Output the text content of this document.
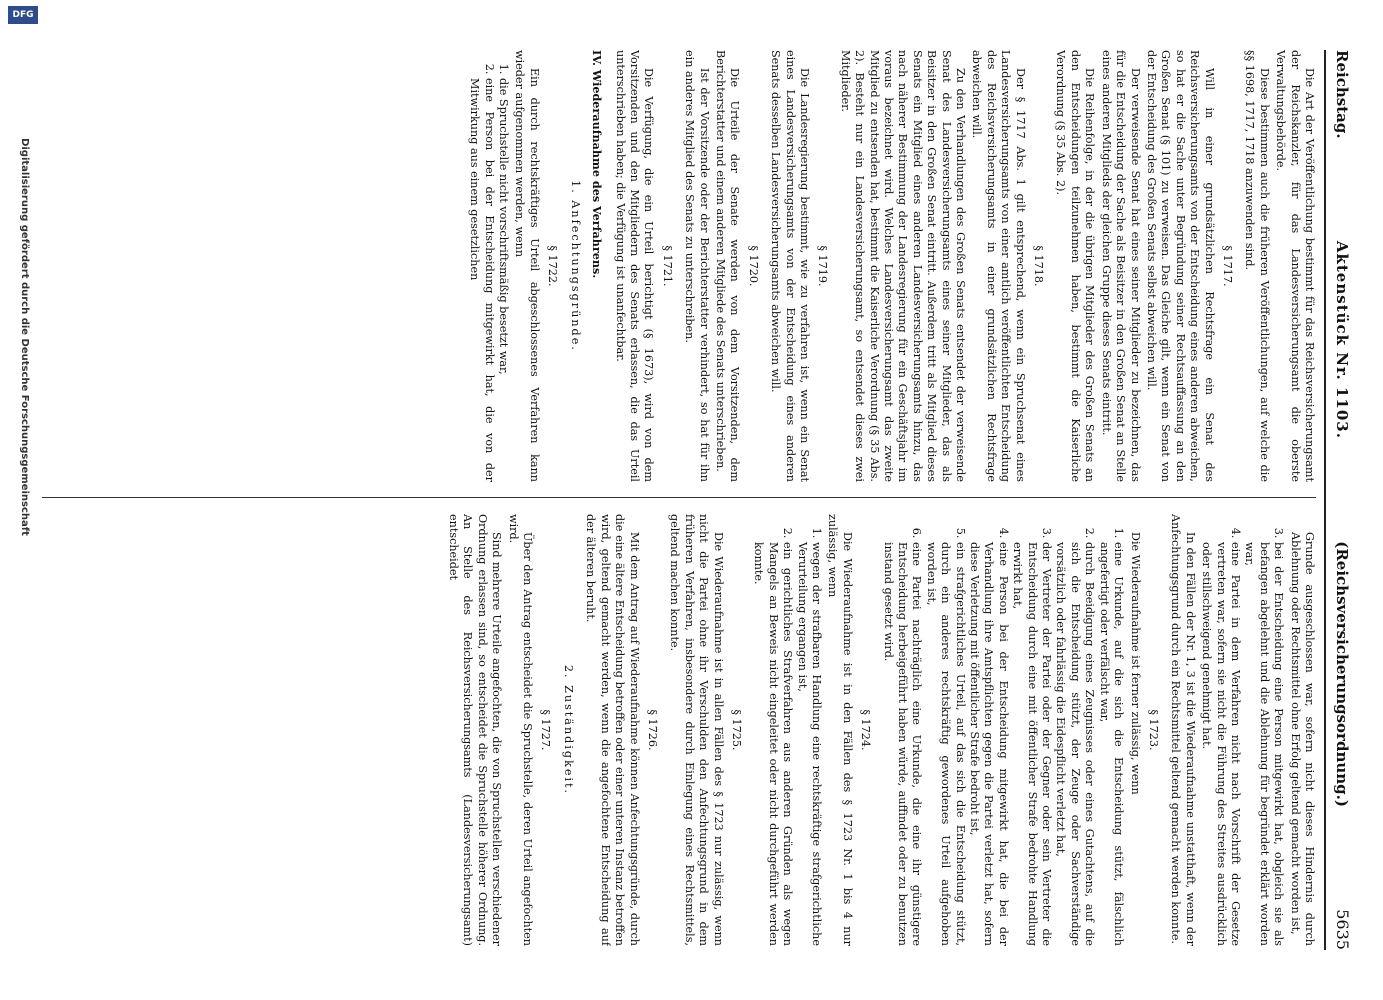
Reichstag.
Aktenstück Nr. 1103.
(Reichsversicherungsordnung.)
5635

Die Art der Veröffentlichung bestimmt für das Reichsversicherungsamt der Reichskanzler, für das Landesversicherungsamt die oberste Verwaltungsbehörde.

Diese bestimmen auch die früheren Veröffentlichungen, auf welche die §§ 1698, 1717, 1718 anzuwenden sind.

§ 1717.

Will in einer grundsätzlichen Rechtsfrage ein Senat des Reichsversicherungsamts von der Entscheidung eines anderen abweichen, so hat er die Sache unter Begründung seiner Rechtsauffassung an den Großen Senat (§ 101) zu verweisen. Das Gleiche gilt, wenn ein Senat von der Entscheidung des Großen Senats selbst abweichen will.

Der verweisende Senat hat eines seiner Mitglieder zu bezeichnen, das für die Entscheidung der Sache als Beisitzer in den Großen Senat an Stelle eines anderen Mitglieds der gleichen Gruppe dieses Senats eintritt.

Die Reihenfolge, in der die übrigen Mitglieder des Großen Senats an den Entscheidungen teilzunehmen haben, bestimmt die Kaiserliche Verordnung (§ 35 Abs. 2).

§ 1718.

Der § 1717 Abs. 1 gilt entsprechend, wenn ein Spruchsenat eines Landesversicherungsamts von einer amtlich veröffentlichten Entscheidung des Reichsversicherungsamts in einer grundsätzlichen Rechtsfrage abweichen will.

Zu den Verhandlungen des Großen Senats entsendet der verweisende Senat des Landesversicherungsamts eines seiner Mitglieder, das als Beisitzer in den Großen Senat eintritt. Außerdem tritt als Mitglied dieses Senats ein Mitglied eines anderen Landesversicherungsamts hinzu, das nach näherer Bestimmung der Landesregierung für ein Geschäftsjahr im voraus bezeichnet wird. Welches Landesversicherungsamt das zweite Mitglied zu entsenden hat, bestimmt die Kaiserliche Verordnung (§ 35 Abs. 2). Besteht nur ein Landesversicherungsamt, so entsendet dieses zwei Mitglieder.

§ 1719.

Die Landesregierung bestimmt, wie zu verfahren ist, wenn ein Senat eines Landesversicherungsamts von der Entscheidung eines anderen Senats desselben Landesversicherungsamts abweichen will.

§ 1720.

Die Urteile der Senate werden von dem Vorsitzenden, dem Berichterstatter und einem anderen Mitgliede des Senats unterschrieben.

Ist der Vorsitzende oder der Berichterstatter verhindert, so hat für ihn ein anderes Mitglied des Senats zu unterschreiben.

§ 1721.

Die Verfügung, die ein Urteil berichtigt (§ 1673), wird von dem Vorsitzenden und den Mitgliedern des Senats erlassen, die das Urteil unterschrieben haben; die Verfügung ist unanfechtbar.

IV. Wiederaufnahme des Verfahrens.
1. Anfechtungsgründe.
§ 1722.

Ein durch rechtskräftiges Urteil abgeschlossenes Verfahren kann wieder aufgenommen werden, wenn

1. die Spruchstelle nicht vorschriftsmäßig besetzt war,
2. eine Person bei der Entscheidung mitgewirkt hat, die von der Mitwirkung aus einem gesetzlichen
Grunde ausgeschlossen war, sofern nicht dieses Hindernis durch Ablehnung oder Rechtsmittel ohne Erfolg geltend gemacht worden ist,
3. bei der Entscheidung eine Person mitgewirkt hat, obgleich sie als befangen abgelehnt und die Ablehnung für begründet erklärt worden war,
4. eine Partei in dem Verfahren nicht nach Vorschrift der Gesetze vertreten war, sofern sie nicht die Führung des Streites ausdrücklich oder stillschweigend genehmigt hat.

In den Fällen der Nr. 1, 3 ist die Wiederaufnahme unstatthaft, wenn der Anfechtungsgrund durch ein Rechtsmittel geltend gemacht werden konnte.

§ 1723.

Die Wiederaufnahme ist ferner zulässig, wenn

1. eine Urkunde, auf die sich die Entscheidung stützt, fälschlich angefertigt oder verfälscht war,
2. durch Beeidigung eines Zeugnisses oder eines Gutachtens, auf die sich die Entscheidung stützt, der Zeuge oder Sachverständige vorsätzlich oder fahrlässig die Eidespflicht verletzt hat,
3. der Vertreter der Partei oder der Gegner oder sein Vertreter die Entscheidung durch eine mit öffentlicher Strafe bedrohte Handlung erwirkt hat,
4. eine Person bei der Entscheidung mitgewirkt hat, die bei der Verhandlung ihre Amtspflichten gegen die Partei verletzt hat, sofern diese Verletzung mit öffentlicher Strafe bedroht ist,
5. ein strafgerichtliches Urteil, auf das sich die Entscheidung stützt, durch ein anderes rechtskräftig gewordenes Urteil aufgehoben worden ist,
6. eine Partei nachträglich eine Urkunde, die eine ihr günstigere Entscheidung herbeigeführt haben würde, auffindet oder zu benutzen instand gesetzt wird.
§ 1724.

Die Wiederaufnahme ist in den Fällen des § 1723 Nr. 1 bis 4 nur zulässig, wenn

1. wegen der strafbaren Handlung eine rechtskräftige strafgerichtliche Verurteilung ergangen ist,
2. ein gerichtliches Strafverfahren aus anderen Gründen als wegen Mangels an Beweis nicht eingeleitet oder nicht durchgeführt werden konnte.
§ 1725.

Die Wiederaufnahme ist in allen Fällen des § 1723 nur zulässig, wenn nicht die Partei ohne ihr Verschulden den Anfechtungsgrund in dem früheren Verfahren, insbesondere durch Einlegung eines Rechtsmittels, geltend machen konnte.

§ 1726.

Mit dem Antrag auf Wiederaufnahme können Anfechtungsgründe, durch die eine ältere Entscheidung betroffen oder einer unteren Instanz betroffen wird, geltend gemacht werden, wenn die angefochtene Entscheidung auf der älteren beruht.

2. Zuständigkeit.
§ 1727.

Über den Antrag entscheidet die Spruchstelle, deren Urteil angefochten wird.

Sind mehrere Urteile angefochten, die von Spruchstellen verschiedener Ordnung erlassen sind, so entscheidet die Spruchstelle höherer Ordnung. An Stelle des Reichsversicherungsamts (Landesversicherungsamt) entscheidet

DFG
Digitalisierung gefördert durch die Deutsche Forschungsgemeinschaft
